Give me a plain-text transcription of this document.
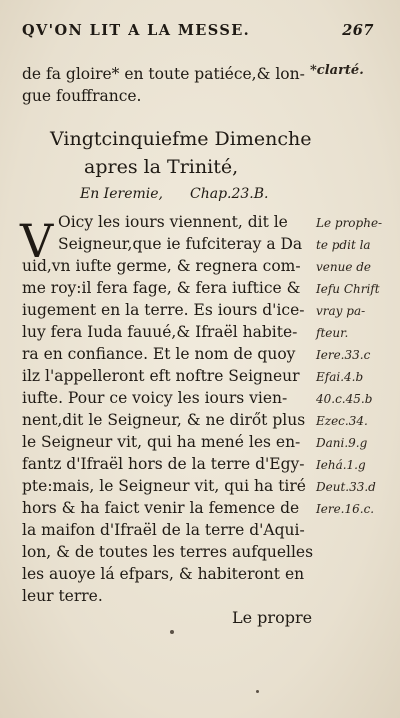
QV'ON LIT A LA MESSE.	267
de fa gloire* en toute patiéce,& lon-
gue fouffrance.
*clarté.
Vingtcinquiefme Dimenche
apres la Trinité,
En Ieremie, Chap.23.B.
V Oicy les iours viennent, dit le
Seigneur,que ie fufciteray a Da
uid,vn iufte germe, & regnera com-
me roy:il fera fage, & fera iuftice &
iugement en la terre. Es iours d'ice-
luy fera Iuda fauué,& Ifraël habite-
ra en confiance. Et le nom de quoy
ilz l'appelleront eft noftre Seigneur
iufte. Pour ce voicy les iours vien-
nent,dit le Seigneur, & ne dirőt plus
le Seigneur vit, qui ha mené les en-
fantz d'Ifraël hors de la terre d'Egy-
pte:mais, le Seigneur vit, qui ha tiré
hors & ha faict venir la femence de
la maifon d'Ifraël de la terre d'Aqui-
lon, & de toutes les terres aufquelles
les auoye lá efpars, & habiteront en
leur terre.
Le prophe-
te pdit la
venue de
Iefu Chrift
vray pa-
fteur.
Iere.33.c
Efai.4.b
40.c.45.b
Ezec.34.
Dani.9.g
Iehá.1.g
Deut.33.d
Iere.16.c.
Le propre
